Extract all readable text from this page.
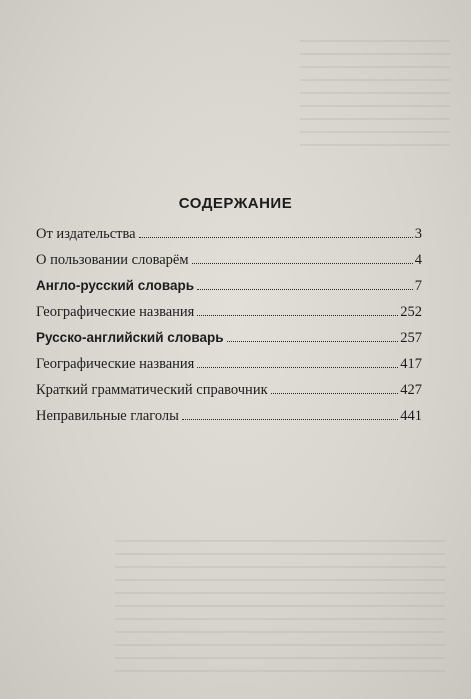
СОДЕРЖАНИЕ
От издательства	3
О пользовании словарём	4
Англо-русский словарь	7
Географические названия	252
Русско-английский словарь	257
Географические названия	417
Краткий грамматический справочник	427
Неправильные глаголы	441
